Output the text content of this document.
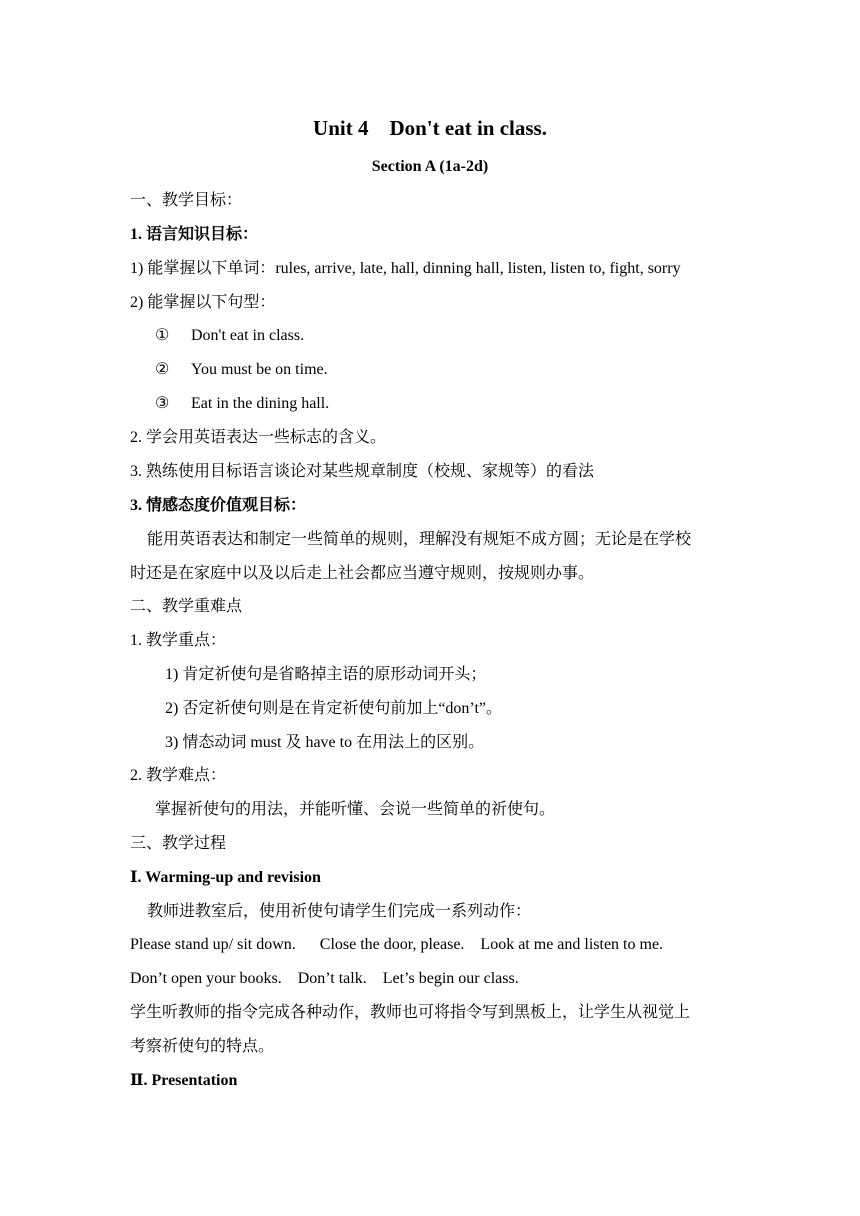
Unit 4    Don't eat in class.
Section A (1a-2d)
一、教学目标：
1. 语言知识目标：
1) 能掌握以下单词：rules, arrive, late, hall, dinning hall, listen, listen to, fight, sorry
2) 能掌握以下句型：
① Don't eat in class.
② You must be on time.
③ Eat in the dining hall.
2. 学会用英语表达一些标志的含义。
3. 熟练使用目标语言谈论对某些规章制度（校规、家规等）的看法
3. 情感态度价值观目标：
能用英语表达和制定一些简单的规则，理解没有规矩不成方圆；无论是在学校
时还是在家庭中以及以后走上社会都应当遵守规则，按规则办事。
二、教学重难点
1. 教学重点：
1) 肯定祈使句是省略掉主语的原形动词开头；
2) 否定祈使句则是在肯定祈使句前加上“don’t”。
3) 情态动词 must 及 have to 在用法上的区别。
2. 教学难点：
掌握祈使句的用法，并能听懂、会说一些简单的祈使句。
三、教学过程
Ⅰ. Warming-up and revision
教师进教室后，使用祈使句请学生们完成一系列动作：
Please stand up/ sit down.      Close the door, please.    Look at me and listen to me.
Don’t open your books.    Don’t talk.    Let’s begin our class.
学生听教师的指令完成各种动作，教师也可将指令写到黑板上，让学生从视觉上
考察祈使句的特点。
Ⅱ. Presentation
